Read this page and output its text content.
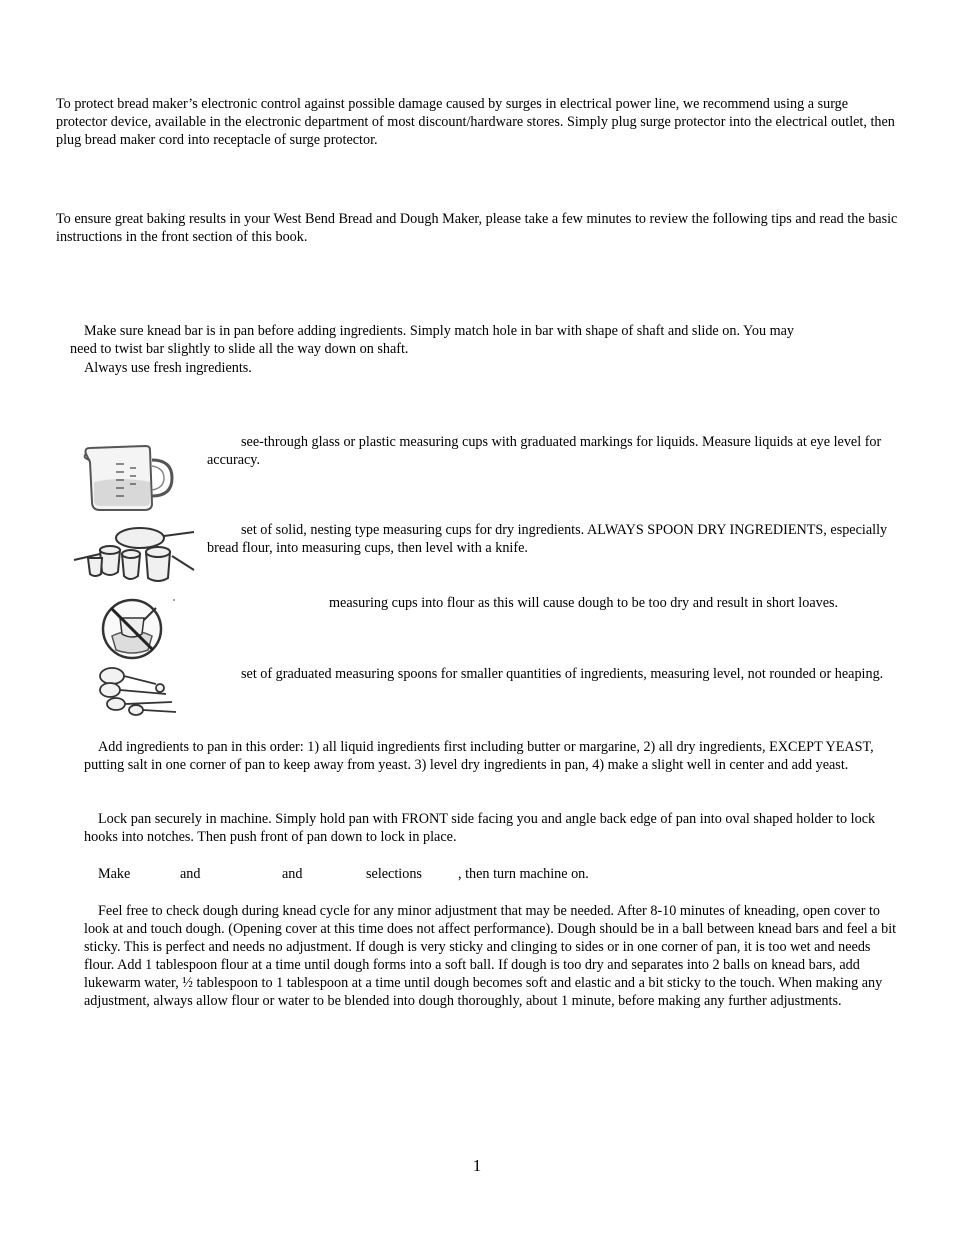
To protect bread maker’s electronic control against possible damage caused by surges in electrical power line, we recommend using a surge protector device, available in the electronic department of most discount/hardware stores. Simply plug surge protector into the electrical outlet, then plug bread maker cord into receptacle of surge protector.

To ensure great baking results in your West Bend Bread and Dough Maker, please take a few minutes to review the following tips and read the basic instructions in the front section of this book.

Make sure knead bar is in pan before adding ingredients. Simply match hole in bar with shape of shaft and slide on. You may

need to twist bar slightly to slide all the way down on shaft.

Always use fresh ingredients.

see-through glass or plastic measuring cups with graduated markings for liquids. Measure liquids at eye level for accuracy.

set of solid, nesting type measuring cups for dry ingredients. ALWAYS SPOON DRY INGREDIENTS, especially bread flour, into measuring cups, then level with a knife.

measuring cups into flour as this will cause dough to be too dry and result in short loaves.

set of graduated measuring spoons for smaller quantities of ingredients, measuring level, not rounded or heaping.

Add ingredients to pan in this order: 1) all liquid ingredients first including butter or margarine, 2) all dry ingredients, EXCEPT YEAST, putting salt in one corner of pan to keep away from yeast. 3) level dry ingredients in pan, 4) make a slight well in center and add yeast.

Lock pan securely in machine. Simply hold pan with FRONT side facing you and angle back edge of pan into oval shaped holder to lock hooks into notches. Then push front of pan down to lock in place.

Make	and	and	selections	, then turn machine on.

Feel free to check dough during knead cycle for any minor adjustment that may be needed. After 8-10 minutes of kneading, open cover to look at and touch dough. (Opening cover at this time does not affect performance). Dough should be in a ball between knead bars and feel a bit sticky. This is perfect and needs no adjustment. If dough is very sticky and clinging to sides or in one corner of pan, it is too wet and needs flour. Add 1 tablespoon flour at a time until dough forms into a soft ball. If dough is too dry and separates into 2 balls on knead bars, add lukewarm water, ½ tablespoon to 1 tablespoon at a time until dough becomes soft and elastic and a bit sticky to the touch. When making any adjustment, always allow flour or water to be blended into dough thoroughly, about 1 minute, before making any further adjustments.

1
